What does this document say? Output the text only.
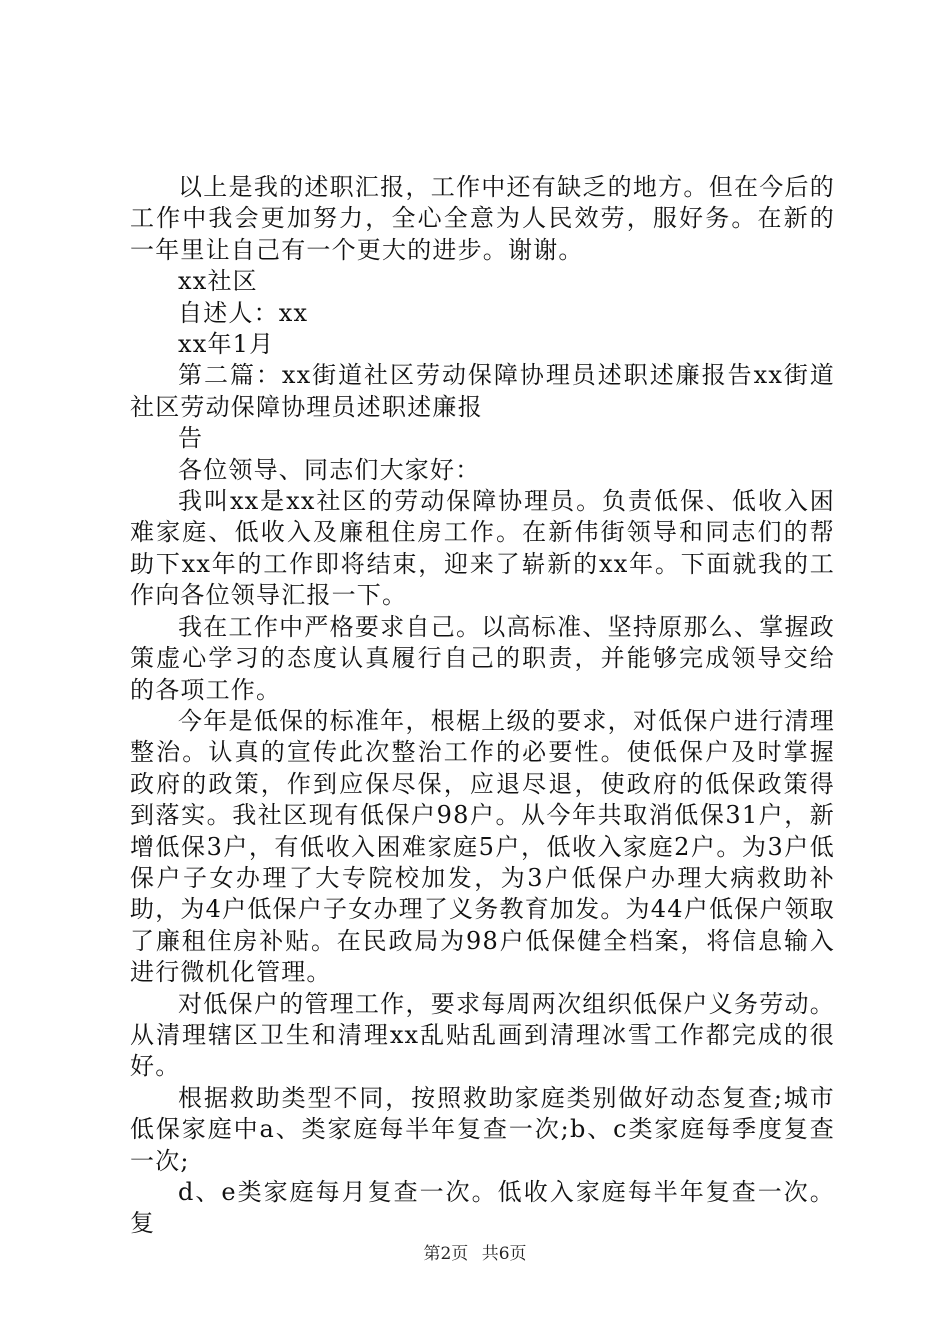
以上是我的述职汇报，工作中还有缺乏的地方。但在今后的工作中我会更加努力，全心全意为人民效劳，服好务。在新的一年里让自己有一个更大的进步。谢谢。

xx社区

自述人：xx

xx年1月

第二篇：xx街道社区劳动保障协理员述职述廉报告xx街道社区劳动保障协理员述职述廉报

告

各位领导、同志们大家好：

我叫xx是xx社区的劳动保障协理员。负责低保、低收入困难家庭、低收入及廉租住房工作。在新伟街领导和同志们的帮助下xx年的工作即将结束，迎来了崭新的xx年。下面就我的工作向各位领导汇报一下。

我在工作中严格要求自己。以高标准、坚持原那么、掌握政策虚心学习的态度认真履行自己的职责，并能够完成领导交给的各项工作。

今年是低保的标准年，根椐上级的要求，对低保户进行清理整治。认真的宣传此次整治工作的必要性。使低保户及时掌握政府的政策，作到应保尽保，应退尽退，使政府的低保政策得到落实。我社区现有低保户98户。从今年共取消低保31户，新增低保3户，有低收入困难家庭5户，低收入家庭2户。为3户低保户子女办理了大专院校加发，为3户低保户办理大病救助补助，为4户低保户子女办理了义务教育加发。为44户低保户领取了廉租住房补贴。在民政局为98户低保健全档案，将信息输入进行微机化管理。

对低保户的管理工作，要求每周两次组织低保户义务劳动。从清理辖区卫生和清理xx乱贴乱画到清理冰雪工作都完成的很好。

根据救助类型不同，按照救助家庭类别做好动态复查;城市低保家庭中a、类家庭每半年复查一次;b、c类家庭每季度复查一次;

d、e类家庭每月复查一次。低收入家庭每半年复查一次。复

第2页 共6页
